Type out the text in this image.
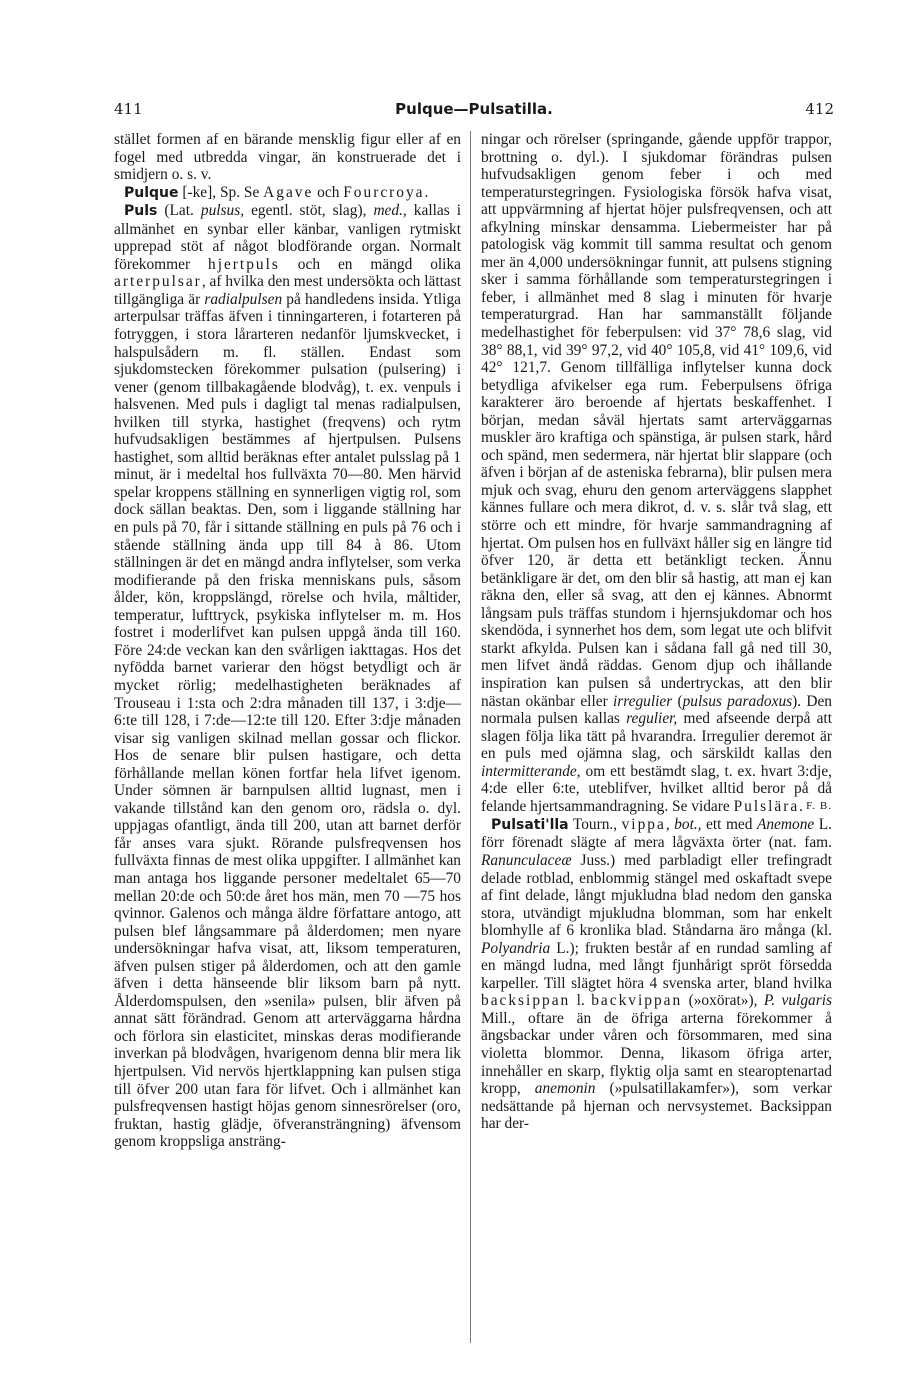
411	Pulque—Pulsatilla.	412

stället formen af en bärande mensklig figur eller af en fogel med utbredda vingar, än konstruerade det i smidjern o. s. v.

Pulque [-ke], Sp. Se Agave och Fourcroya.

Puls (Lat. pulsus, egentl. stöt, slag), med., kallas i allmänhet en synbar eller känbar, vanligen rytmiskt upprepad stöt af något blodförande organ. Normalt förekommer hjertpuls och en mängd olika arterpulsar, af hvilka den mest undersökta och lättast tillgängliga är radialpulsen på handledens insida. Ytliga arterpulsar träffas äfven i tinningarteren, i fotarteren på fotryggen, i stora lårarteren nedanför ljumskvecket, i halspulsådern m. fl. ställen. Endast som sjukdomstecken förekommer pulsation (pulsering) i vener (genom tillbakagående blodvåg), t. ex. venpuls i halsvenen. Med puls i dagligt tal menas radialpulsen, hvilken till styrka, hastighet (freqvens) och rytm hufvudsakligen bestämmes af hjertpulsen. Pulsens hastighet, som alltid beräknas efter antalet pulsslag på 1 minut, är i medeltal hos fullväxta 70—80. Men härvid spelar kroppens ställning en synnerligen vigtig rol, som dock sällan beaktas. Den, som i liggande ställning har en puls på 70, får i sittande ställning en puls på 76 och i stående ställning ända upp till 84 à 86. Utom ställningen är det en mängd andra inflytelser, som verka modifierande på den friska menniskans puls, såsom ålder, kön, kroppslängd, rörelse och hvila, måltider, temperatur, lufttryck, psykiska inflytelser m. m. Hos fostret i moderlifvet kan pulsen uppgå ända till 160. Före 24:de veckan kan den svårligen iakttagas. Hos det nyfödda barnet varierar den högst betydligt och är mycket rörlig; medelhastigheten beräknades af Trouseau i 1:sta och 2:dra månaden till 137, i 3:dje—6:te till 128, i 7:de—12:te till 120. Efter 3:dje månaden visar sig vanligen skilnad mellan gossar och flickor. Hos de senare blir pulsen hastigare, och detta förhållande mellan könen fortfar hela lifvet igenom. Under sömnen är barnpulsen alltid lugnast, men i vakande tillstånd kan den genom oro, rädsla o. dyl. uppjagas ofantligt, ända till 200, utan att barnet derför får anses vara sjukt. Rörande pulsfreqvensen hos fullväxta finnas de mest olika uppgifter. I allmänhet kan man antaga hos liggande personer medeltalet 65—70 mellan 20:de och 50:de året hos män, men 70 —75 hos qvinnor. Galenos och många äldre författare antogo, att pulsen blef långsammare på ålderdomen; men nyare undersökningar hafva visat, att, liksom temperaturen, äfven pulsen stiger på ålderdomen, och att den gamle äfven i detta hänseende blir liksom barn på nytt. Ålderdomspulsen, den »senila» pulsen, blir äfven på annat sätt förändrad. Genom att arterväggarna hårdna och förlora sin elasticitet, minskas deras modifierande inverkan på blodvågen, hvarigenom denna blir mera lik hjertpulsen. Vid nervös hjertklappning kan pulsen stiga till öfver 200 utan fara för lifvet. Och i allmänhet kan pulsfreqvensen hastigt höjas genom sinnesrörelser (oro, fruktan, hastig glädje, öfveransträngning) äfvensom genom kroppsliga ansträng-

ningar och rörelser (springande, gående uppför trappor, brottning o. dyl.). I sjukdomar förändras pulsen hufvudsakligen genom feber i och med temperaturstegringen. Fysiologiska försök hafva visat, att uppvärmning af hjertat höjer pulsfreqvensen, och att afkylning minskar densamma. Liebermeister har på patologisk väg kommit till samma resultat och genom mer än 4,000 undersökningar funnit, att pulsens stigning sker i samma förhållande som temperaturstegringen i feber, i allmänhet med 8 slag i minuten för hvarje temperaturgrad. Han har sammanställt följande medelhastighet för feberpulsen: vid 37° 78,6 slag, vid 38° 88,1, vid 39° 97,2, vid 40° 105,8, vid 41° 109,6, vid 42° 121,7. Genom tillfälliga inflytelser kunna dock betydliga afvikelser ega rum. Feberpulsens öfriga karakterer äro beroende af hjertats beskaffenhet. I början, medan såväl hjertats samt arterväggarnas muskler äro kraftiga och spänstiga, är pulsen stark, hård och spänd, men sedermera, när hjertat blir slappare (och äfven i början af de asteniska febrarna), blir pulsen mera mjuk och svag, ehuru den genom arterväggens slapphet kännes fullare och mera dikrot, d. v. s. slår två slag, ett större och ett mindre, för hvarje sammandragning af hjertat. Om pulsen hos en fullväxt håller sig en längre tid öfver 120, är detta ett betänkligt tecken. Ännu betänkligare är det, om den blir så hastig, att man ej kan räkna den, eller så svag, att den ej kännes. Abnormt långsam puls träffas stundom i hjernsjukdomar och hos skendöda, i synnerhet hos dem, som legat ute och blifvit starkt afkylda. Pulsen kan i sådana fall gå ned till 30, men lifvet ändå räddas. Genom djup och ihållande inspiration kan pulsen så undertryckas, att den blir nästan okänbar eller irregulier (pulsus paradoxus). Den normala pulsen kallas regulier, med afseende derpå att slagen följa lika tätt på hvarandra. Irregulier deremot är en puls med ojämna slag, och särskildt kallas den intermitterande, om ett bestämdt slag, t. ex. hvart 3:dje, 4:de eller 6:te, uteblifver, hvilket alltid beror på då felande hjertsammandragning. Se vidare Pulslära. F. B.

Pulsati'lla Tourn., vippa, bot., ett med Anemone L. förr förenadt slägte af mera lågväxta örter (nat. fam. Ranunculaceæ Juss.) med parbladigt eller trefingradt delade rotblad, enblommig stängel med oskaftadt svepe af fint delade, långt mjukludna blad nedom den ganska stora, utvändigt mjukludna blomman, som har enkelt blomhylle af 6 kronlika blad. Ståndarna äro många (kl. Polyandria L.); frukten består af en rundad samling af en mängd ludna, med långt fjunhårigt spröt försedda karpeller. Till slägtet höra 4 svenska arter, bland hvilka backsippan l. backvippan (»oxörat»), P. vulgaris Mill., oftare än de öfriga arterna förekommer å ängsbackar under våren och försommaren, med sina violetta blommor. Denna, likasom öfriga arter, innehåller en skarp, flyktig olja samt en stearoptenartad kropp, anemonin (»pulsatillakamfer»), som verkar nedsättande på hjernan och nervsystemet. Backsippan har der-
